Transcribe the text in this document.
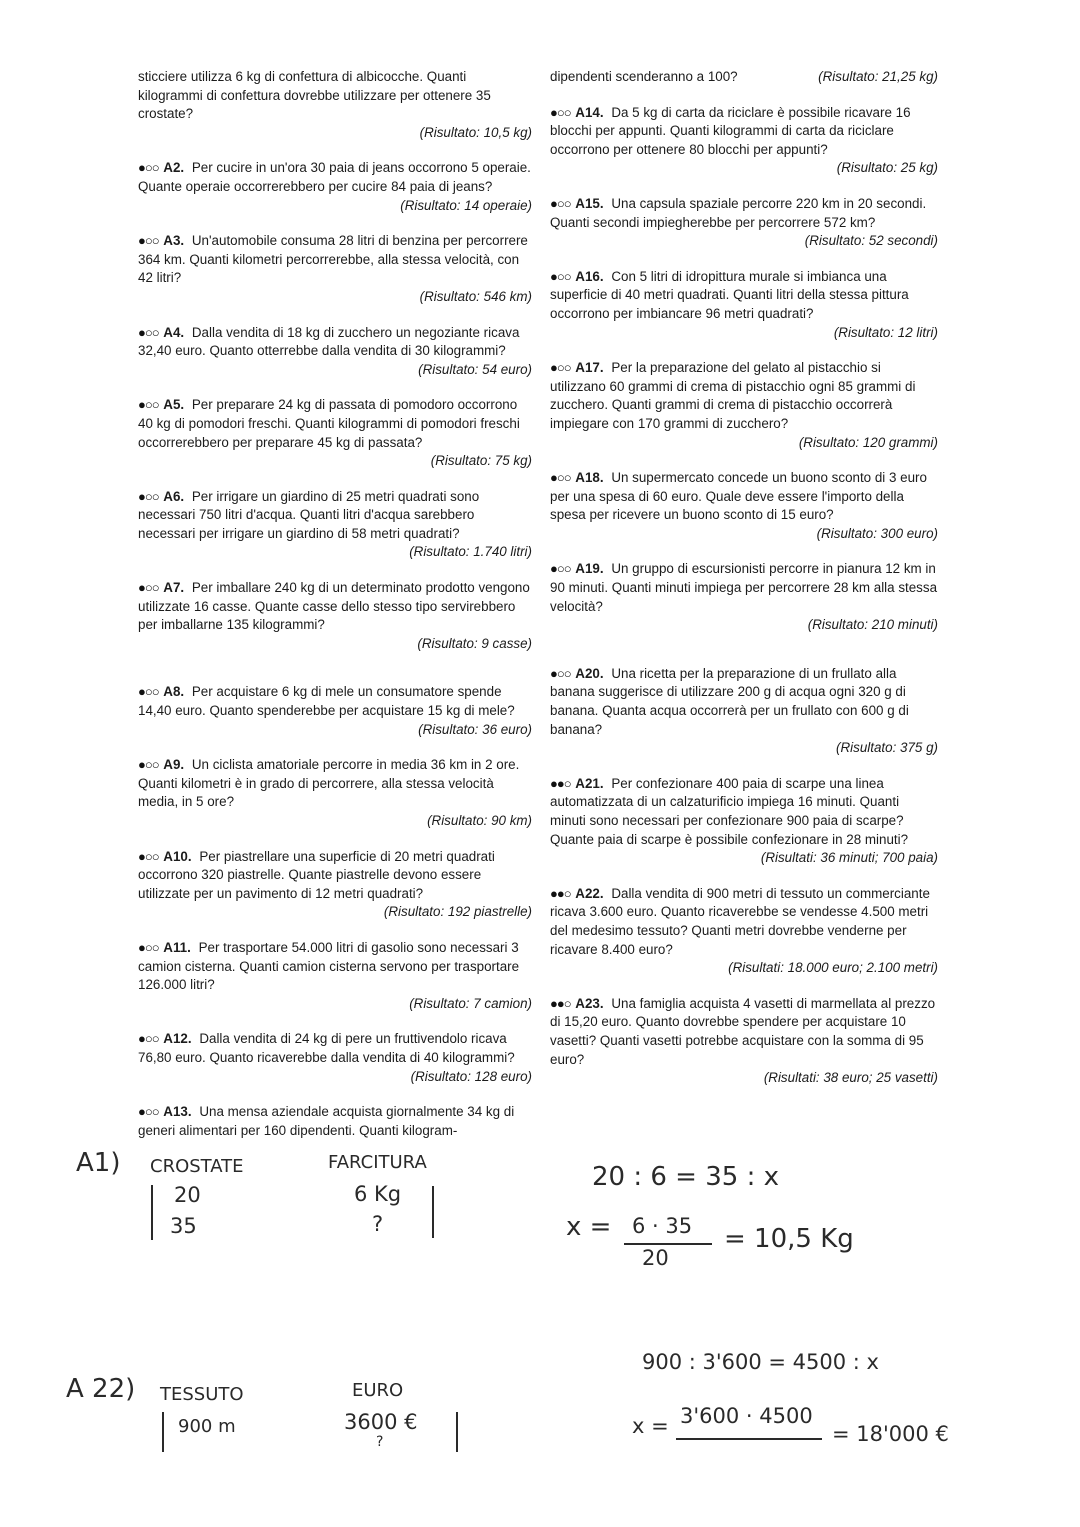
sticciere utilizza 6 kg di confettura di albicocche. Quanti kilogrammi di confettura dovrebbe utilizzare per ottenere 35 crostate?
(Risultato: 10,5 kg)
●○○ A2. Per cucire in un'ora 30 paia di jeans occorrono 5 operaie. Quante operaie occorrerebbero per cucire 84 paia di jeans?
(Risultato: 14 operaie)
●○○ A3. Un'automobile consuma 28 litri di benzina per percorrere 364 km. Quanti kilometri percorrerebbe, alla stessa velocità, con 42 litri?
(Risultato: 546 km)
●○○ A4. Dalla vendita di 18 kg di zucchero un negoziante ricava 32,40 euro. Quanto otterrebbe dalla vendita di 30 kilogrammi?
(Risultato: 54 euro)
●○○ A5. Per preparare 24 kg di passata di pomodoro occorrono 40 kg di pomodori freschi. Quanti kilogrammi di pomodori freschi occorrerebbero per preparare 45 kg di passata?
(Risultato: 75 kg)
●○○ A6. Per irrigare un giardino di 25 metri quadrati sono necessari 750 litri d'acqua. Quanti litri d'acqua sarebbero necessari per irrigare un giardino di 58 metri quadrati?
(Risultato: 1.740 litri)
●○○ A7. Per imballare 240 kg di un determinato prodotto vengono utilizzate 16 casse. Quante casse dello stesso tipo servirebbero per imballarne 135 kilogrammi?
(Risultato: 9 casse)
●○○ A8. Per acquistare 6 kg di mele un consumatore spende 14,40 euro. Quanto spenderebbe per acquistare 15 kg di mele?
(Risultato: 36 euro)
●○○ A9. Un ciclista amatoriale percorre in media 36 km in 2 ore. Quanti kilometri è in grado di percorrere, alla stessa velocità media, in 5 ore?
(Risultato: 90 km)
●○○ A10. Per piastrellare una superficie di 20 metri quadrati occorrono 320 piastrelle. Quante piastrelle devono essere utilizzate per un pavimento di 12 metri quadrati?
(Risultato: 192 piastrelle)
●○○ A11. Per trasportare 54.000 litri di gasolio sono necessari 3 camion cisterna. Quanti camion cisterna servono per trasportare 126.000 litri?
(Risultato: 7 camion)
●○○ A12. Dalla vendita di 24 kg di pere un fruttivendolo ricava 76,80 euro. Quanto ricaverebbe dalla vendita di 40 kilogrammi?
(Risultato: 128 euro)
●○○ A13. Una mensa aziendale acquista giornalmente 34 kg di generi alimentari per 160 dipendenti. Quanti kilogram-
dipendenti scenderanno a 100?	(Risultato: 21,25 kg)
●○○ A14. Da 5 kg di carta da riciclare è possibile ricavare 16 blocchi per appunti. Quanti kilogrammi di carta da riciclare occorrono per ottenere 80 blocchi per appunti?
(Risultato: 25 kg)
●○○ A15. Una capsula spaziale percorre 220 km in 20 secondi. Quanti secondi impiegherebbe per percorrere 572 km?
(Risultato: 52 secondi)
●○○ A16. Con 5 litri di idropittura murale si imbianca una superficie di 40 metri quadrati. Quanti litri della stessa pittura occorrono per imbiancare 96 metri quadrati?
(Risultato: 12 litri)
●○○ A17. Per la preparazione del gelato al pistacchio si utilizzano 60 grammi di crema di pistacchio ogni 85 grammi di zucchero. Quanti grammi di crema di pistacchio occorrerà impiegare con 170 grammi di zucchero?
(Risultato: 120 grammi)
●○○ A18. Un supermercato concede un buono sconto di 3 euro per una spesa di 60 euro. Quale deve essere l'importo della spesa per ricevere un buono sconto di 15 euro?
(Risultato: 300 euro)
●○○ A19. Un gruppo di escursionisti percorre in pianura 12 km in 90 minuti. Quanti minuti impiega per percorrere 28 km alla stessa velocità?
(Risultato: 210 minuti)
●○○ A20. Una ricetta per la preparazione di un frullato alla banana suggerisce di utilizzare 200 g di acqua ogni 320 g di banana. Quanta acqua occorrerà per un frullato con 600 g di banana?
(Risultato: 375 g)
●●○ A21. Per confezionare 400 paia di scarpe una linea automatizzata di un calzaturificio impiega 16 minuti. Quanti minuti sono necessari per confezionare 900 paia di scarpe? Quante paia di scarpe è possibile confezionare in 28 minuti?
(Risultati: 36 minuti; 700 paia)
●●○ A22. Dalla vendita di 900 metri di tessuto un commerciante ricava 3.600 euro. Quanto ricaverebbe se vendesse 4.500 metri del medesimo tessuto? Quanti metri dovrebbe venderne per ricavare 8.400 euro?
(Risultati: 18.000 euro; 2.100 metri)
●●○ A23. Una famiglia acquista 4 vasetti di marmellata al prezzo di 15,20 euro. Quanto dovrebbe spendere per acquistare 10 vasetti? Quanti vasetti potrebbe acquistare con la somma di 95 euro?
(Risultati: 38 euro; 25 vasetti)
A1) CROSTATE
20
35
FARCITURA
6 Kg
?
20 : 6 = 35 : x
x = 6 · 35
20
= 10,5 Kg
A 22) TESSUTO
900 m
EURO
3600 €
?
900 : 3'600 = 4500 : x
x = 3'600 · 4500
= 18'000 €
